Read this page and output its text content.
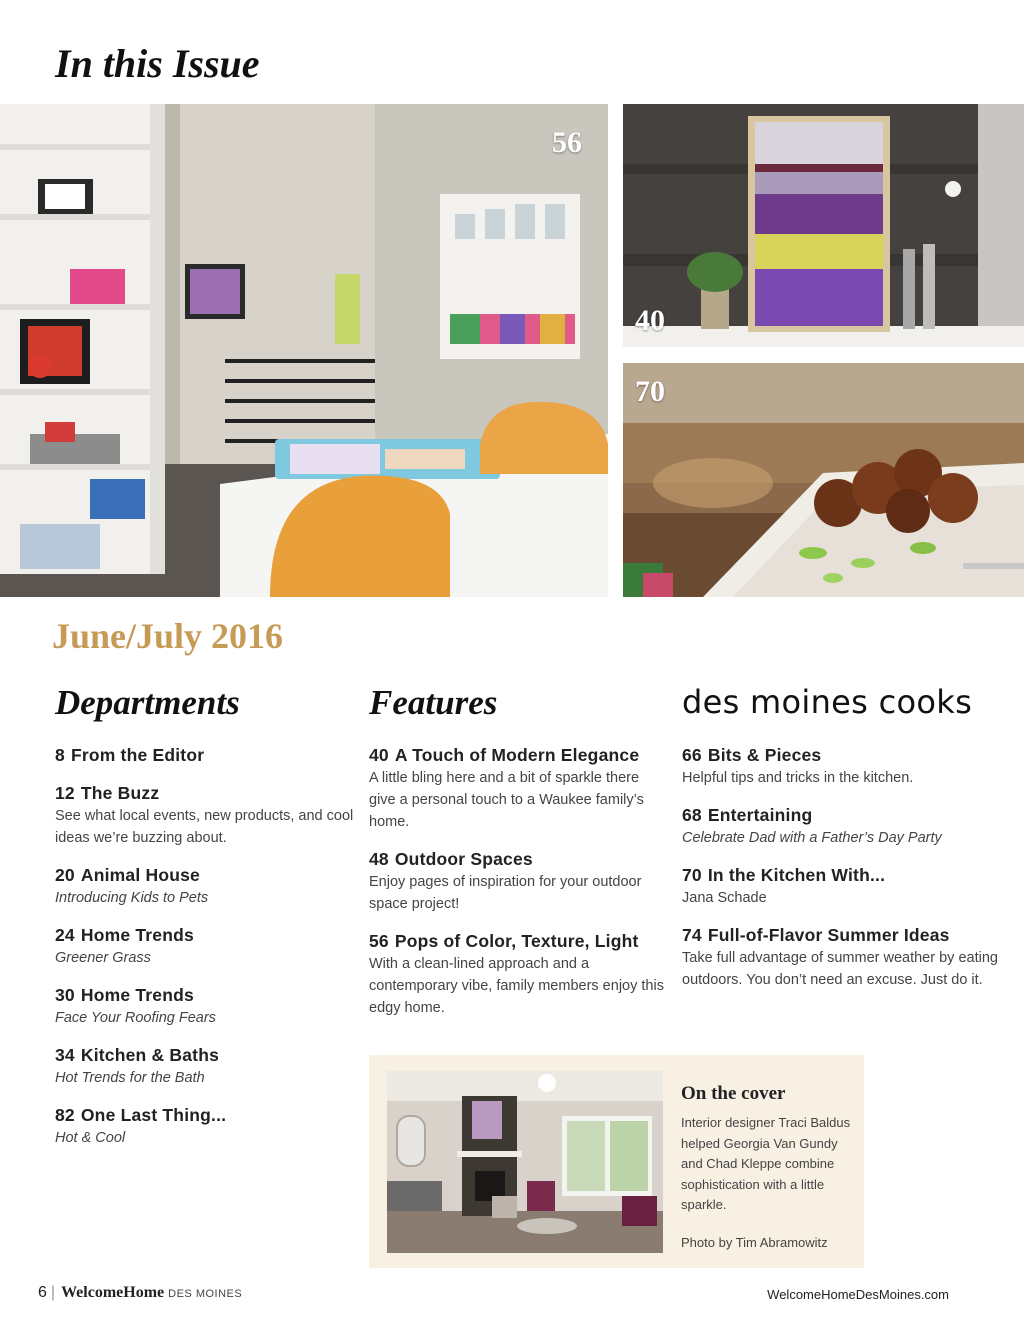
In this Issue
56
40
70
June/July 2016
Departments
8 From the Editor
12 The Buzz
See what local events, new products, and cool ideas we’re buzzing about.
20 Animal House
Introducing Kids to Pets
24 Home Trends
Greener Grass
30 Home Trends
Face Your Roofing Fears
34 Kitchen & Baths
Hot Trends for the Bath
82 One Last Thing...
Hot & Cool
Features
40 A Touch of Modern Elegance
A little bling here and a bit of sparkle there give a personal touch to a Waukee family’s home.
48 Outdoor Spaces
Enjoy pages of inspiration for your outdoor space project!
56 Pops of Color, Texture, Light
With a clean-lined approach and a contemporary vibe, family members enjoy this edgy home.
des moines cooks
66 Bits & Pieces
Helpful tips and tricks in the kitchen.
68 Entertaining
Celebrate Dad with a Father’s Day Party
70 In the Kitchen With...
Jana Schade
74 Full-of-Flavor Summer Ideas
Take full advantage of summer weather by eating outdoors. You don’t need an excuse. Just do it.
On the cover
Interior designer Traci Baldus helped Georgia Van Gundy and Chad Kleppe combine sophistication with a little sparkle.
Photo by Tim Abramowitz
6 | WelcomeHome DES MOINES	WelcomeHomeDesMoines.com
